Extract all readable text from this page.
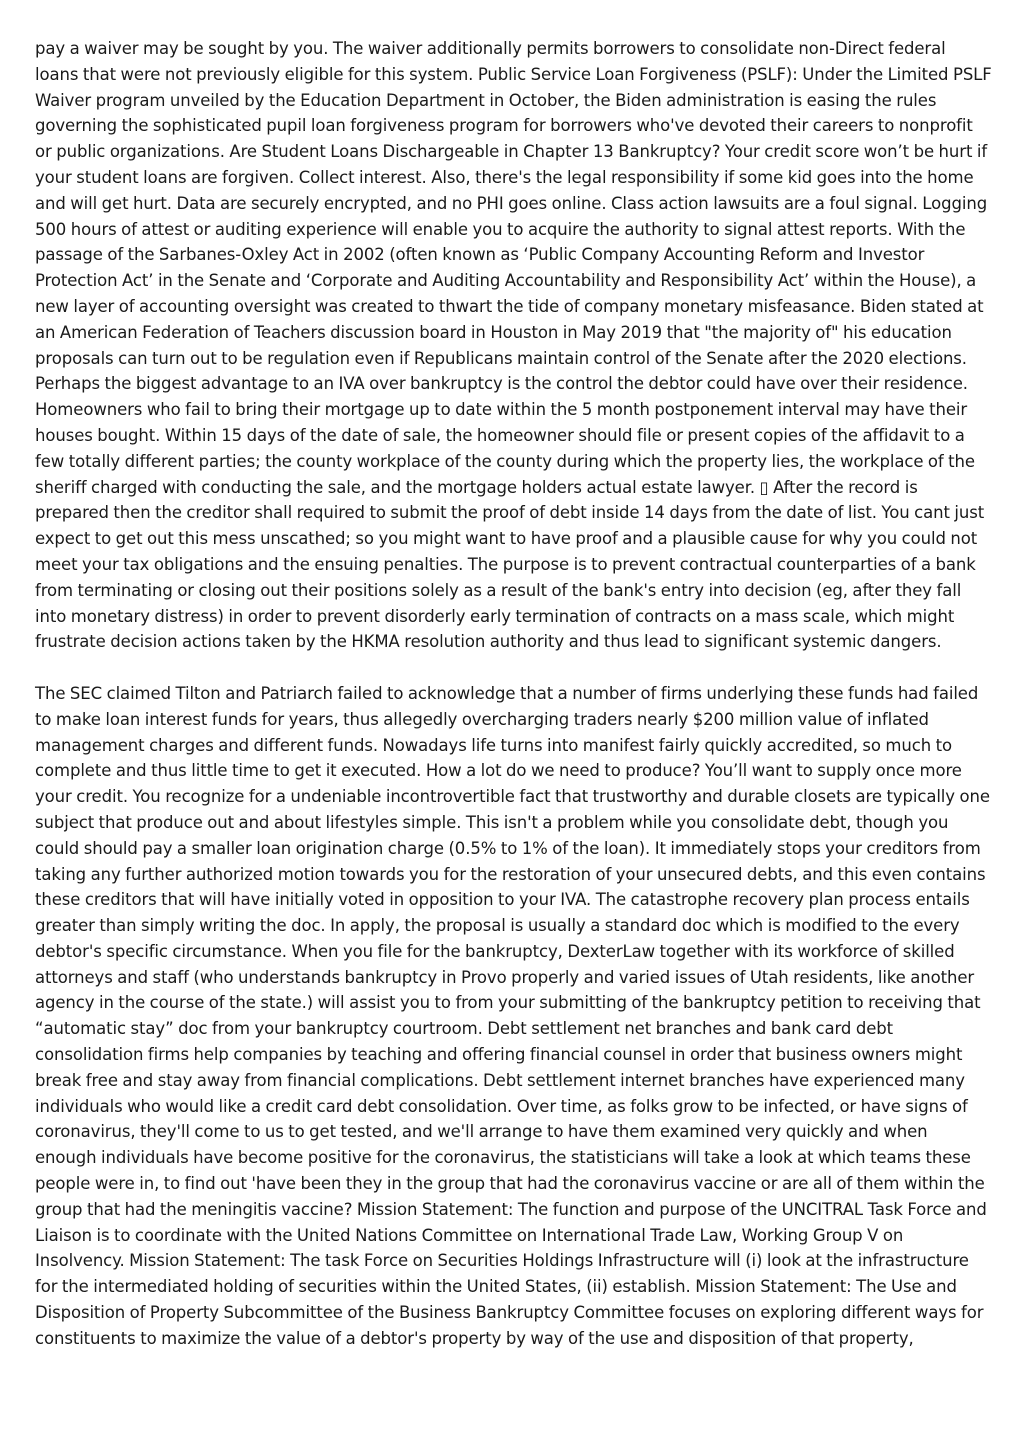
pay a waiver may be sought by you. The waiver additionally permits borrowers to consolidate non-Direct federal loans that were not previously eligible for this system. Public Service Loan Forgiveness (PSLF): Under the Limited PSLF Waiver program unveiled by the Education Department in October, the Biden administration is easing the rules governing the sophisticated pupil loan forgiveness program for borrowers who've devoted their careers to nonprofit or public organizations. Are Student Loans Dischargeable in Chapter 13 Bankruptcy? Your credit score won’t be hurt if your student loans are forgiven. Collect interest. Also, there's the legal responsibility if some kid goes into the home and will get hurt. Data are securely encrypted, and no PHI goes online. Class action lawsuits are a foul signal. Logging 500 hours of attest or auditing experience will enable you to acquire the authority to signal attest reports. With the passage of the Sarbanes-Oxley Act in 2002 (often known as ‘Public Company Accounting Reform and Investor Protection Act’ in the Senate and ‘Corporate and Auditing Accountability and Responsibility Act’ within the House), a new layer of accounting oversight was created to thwart the tide of company monetary misfeasance. Biden stated at an American Federation of Teachers discussion board in Houston in May 2019 that "the majority of" his education proposals can turn out to be regulation even if Republicans maintain control of the Senate after the 2020 elections. Perhaps the biggest advantage to an IVA over bankruptcy is the control the debtor could have over their residence. Homeowners who fail to bring their mortgage up to date within the 5 month postponement interval may have their houses bought. Within 15 days of the date of sale, the homeowner should file or present copies of the affidavit to a few totally different parties; the county workplace of the county during which the property lies, the workplace of the sheriff charged with conducting the sale, and the mortgage holders actual estate lawyer. ▯ After the record is prepared then the creditor shall required to submit the proof of debt inside 14 days from the date of list. You cant just expect to get out this mess unscathed; so you might want to have proof and a plausible cause for why you could not meet your tax obligations and the ensuing penalties. The purpose is to prevent contractual counterparties of a bank from terminating or closing out their positions solely as a result of the bank's entry into decision (eg, after they fall into monetary distress) in order to prevent disorderly early termination of contracts on a mass scale, which might frustrate decision actions taken by the HKMA resolution authority and thus lead to significant systemic dangers.

The SEC claimed Tilton and Patriarch failed to acknowledge that a number of firms underlying these funds had failed to make loan interest funds for years, thus allegedly overcharging traders nearly $200 million value of inflated management charges and different funds. Nowadays life turns into manifest fairly quickly accredited, so much to complete and thus little time to get it executed. How a lot do we need to produce? You’ll want to supply once more your credit. You recognize for a undeniable incontrovertible fact that trustworthy and durable closets are typically one subject that produce out and about lifestyles simple. This isn't a problem while you consolidate debt, though you could should pay a smaller loan origination charge (0.5% to 1% of the loan). It immediately stops your creditors from taking any further authorized motion towards you for the restoration of your unsecured debts, and this even contains these creditors that will have initially voted in opposition to your IVA. The catastrophe recovery plan process entails greater than simply writing the doc. In apply, the proposal is usually a standard doc which is modified to the every debtor's specific circumstance. When you file for the bankruptcy, DexterLaw together with its workforce of skilled attorneys and staff (who understands bankruptcy in Provo properly and varied issues of Utah residents, like another agency in the course of the state.) will assist you to from your submitting of the bankruptcy petition to receiving that “automatic stay” doc from your bankruptcy courtroom. Debt settlement net branches and bank card debt consolidation firms help companies by teaching and offering financial counsel in order that business owners might break free and stay away from financial complications. Debt settlement internet branches have experienced many individuals who would like a credit card debt consolidation. Over time, as folks grow to be infected, or have signs of coronavirus, they'll come to us to get tested, and we'll arrange to have them examined very quickly and when enough individuals have become positive for the coronavirus, the statisticians will take a look at which teams these people were in, to find out 'have been they in the group that had the coronavirus vaccine or are all of them within the group that had the meningitis vaccine? Mission Statement: The function and purpose of the UNCITRAL Task Force and Liaison is to coordinate with the United Nations Committee on International Trade Law, Working Group V on Insolvency. Mission Statement: The task Force on Securities Holdings Infrastructure will (i) look at the infrastructure for the intermediated holding of securities within the United States, (ii) establish. Mission Statement: The Use and Disposition of Property Subcommittee of the Business Bankruptcy Committee focuses on exploring different ways for constituents to maximize the value of a debtor's property by way of the use and disposition of that property,
